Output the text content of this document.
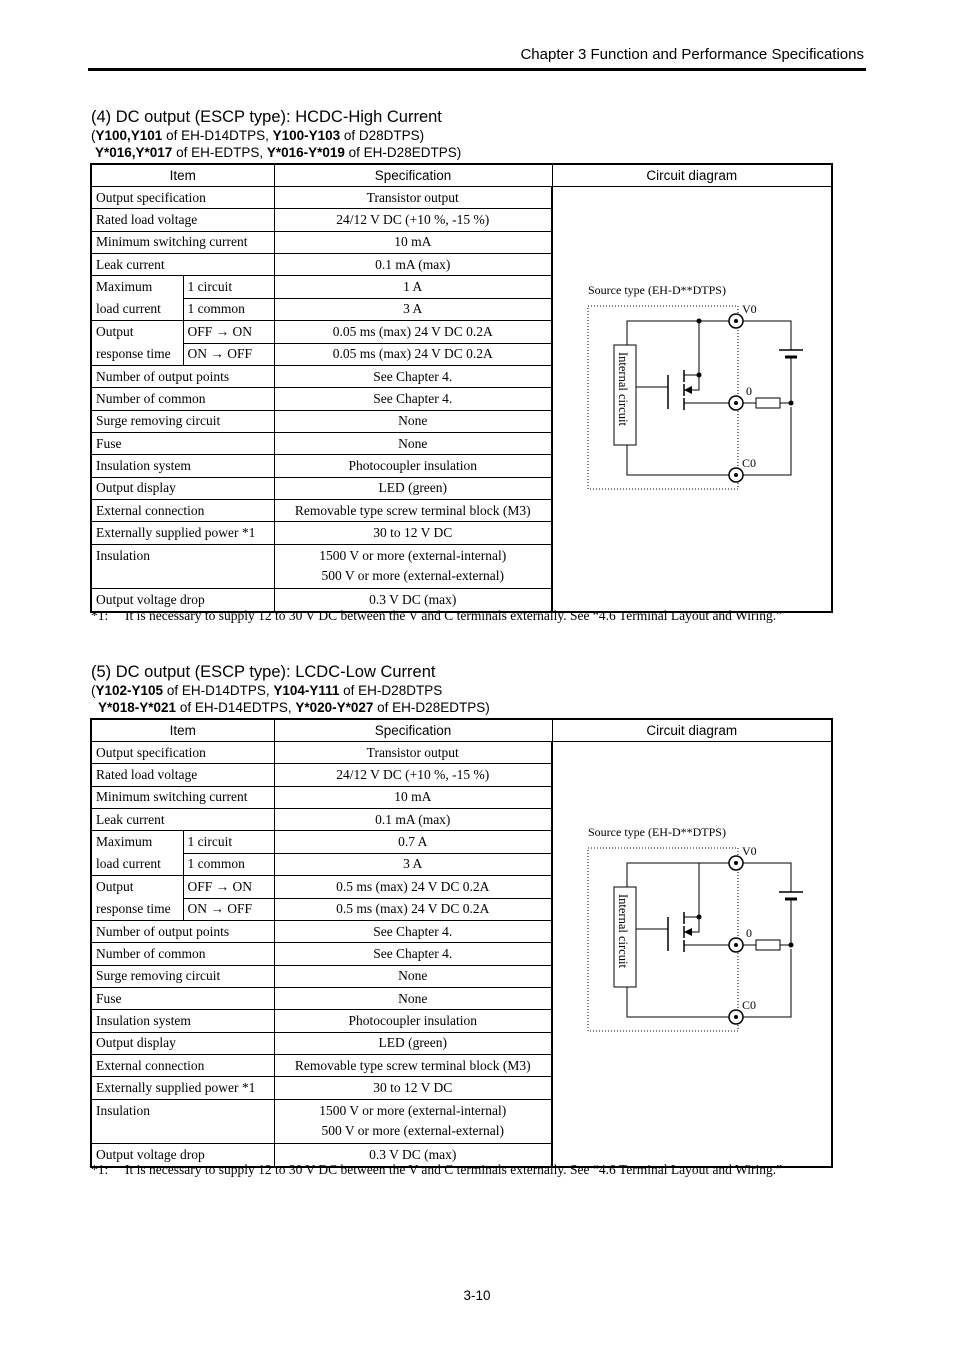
Chapter 3 Function and Performance Specifications
(4) DC output (ESCP type): HCDC-High Current
(Y100,Y101 of EH-D14DTPS, Y100-Y103 of D28DTPS)
Y*016,Y*017 of EH-EDTPS, Y*016-Y*019 of EH-D28EDTPS)
Item		Specification	Circuit diagram
Output specification		Transistor output	Source type (EH-D**DTPS)
Internal circuit
V0
0
C0

Rated load voltage		24/12 V DC (+10 %, -15 %)	
Minimum switching current		10 mA	
Leak current		0.1 mA (max)	
Maximum	1 circuit	1 A	
load current	1 common	3 A	
Output	OFF → ON	0.05 ms (max) 24 V DC 0.2A	
response time	ON → OFF	0.05 ms (max) 24 V DC 0.2A	
Number of output points		See Chapter 4.	
Number of common		See Chapter 4.	
Surge removing circuit		None	
Fuse		None	
Insulation system		Photocoupler insulation	
Output display		LED (green)	
External connection		Removable type screw terminal block (M3)	
Externally supplied power *1		30 to 12 V DC	
Insulation		1500 V or more (external-internal)
500 V or more (external-external)	

Output voltage drop		0.3 V DC (max)	
*1: It is necessary to supply 12 to 30 V DC between the V and C terminals externally. See “4.6 Terminal Layout and Wiring.”
(5) DC output (ESCP type): LCDC-Low Current
(Y102-Y105 of EH-D14DTPS, Y104-Y111 of EH-D28DTPS
Y*018-Y*021 of EH-D14EDTPS, Y*020-Y*027 of EH-D28EDTPS)
Item		Specification	Circuit diagram
Output specification		Transistor output	Source type (EH-D**DTPS)
Internal circuit
V0
0
C0

Rated load voltage		24/12 V DC (+10 %, -15 %)	
Minimum switching current		10 mA	
Leak current		0.1 mA (max)	
Maximum	1 circuit	0.7 A	
load current	1 common	3 A	
Output	OFF → ON	0.5 ms (max) 24 V DC 0.2A	
response time	ON → OFF	0.5 ms (max) 24 V DC 0.2A	
Number of output points		See Chapter 4.	
Number of common		See Chapter 4.	
Surge removing circuit		None	
Fuse		None	
Insulation system		Photocoupler insulation	
Output display		LED (green)	
External connection		Removable type screw terminal block (M3)	
Externally supplied power *1		30 to 12 V DC	
Insulation		1500 V or more (external-internal)
500 V or more (external-external)	

Output voltage drop		0.3 V DC (max)	
*1: It is necessary to supply 12 to 30 V DC between the V and C terminals externally. See “4.6 Terminal Layout and Wiring.”
3-10
